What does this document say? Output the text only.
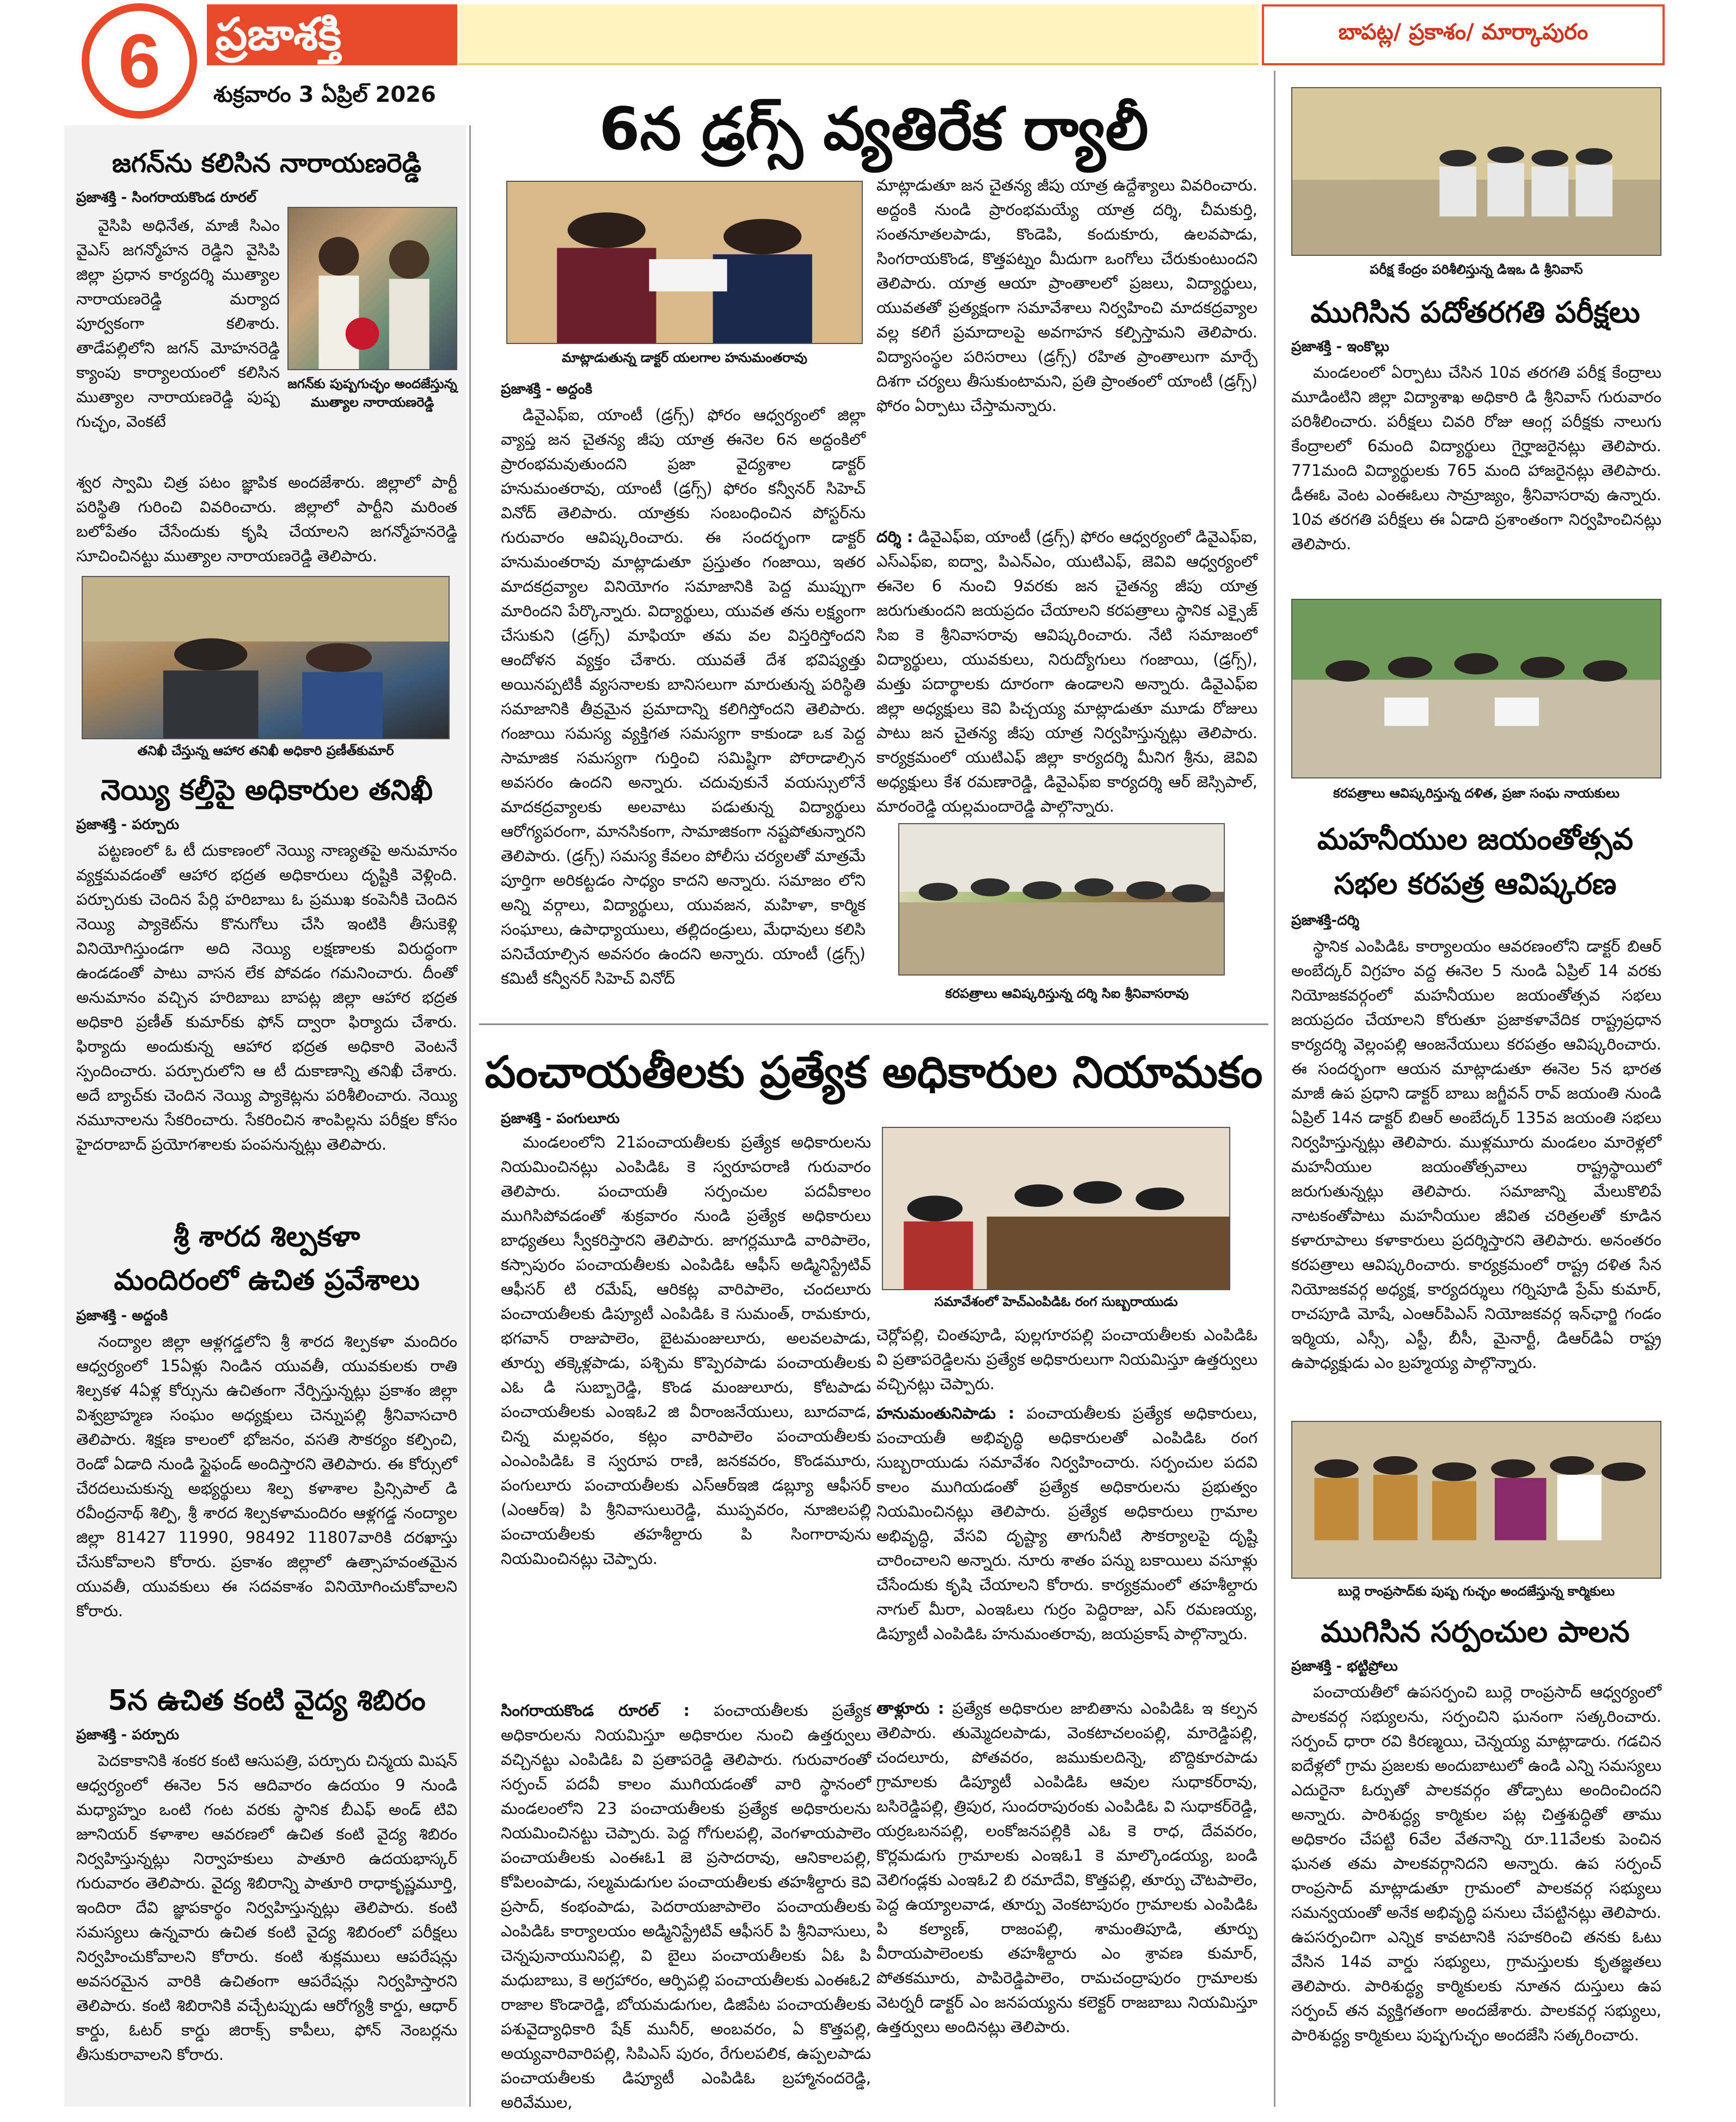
ప్రజాశక్తి
శుక్రవారం 3 ఏప్రిల్ 2026
6	బాపట్ల/ ప్రకాశం/ మార్కాపురం
జగన్‌ను కలిసిన నారాయణరెడ్డి
ప్రజాశక్తి - సింగరాయకొండ రూరల్
జగన్‌కు పుష్పగుచ్ఛం అందజేస్తున్న ముత్యాల నారాయణరెడ్డి

వైసిపి అధినేత, మాజీ సిఎం వైఎస్ జగన్మోహన రెడ్డిని వైసిపి జిల్లా ప్రధాన కార్యదర్శి ముత్యాల నారాయణరెడ్డి మర్యాద పూర్వకంగా కలిశారు. తాడేపల్లిలోని జగన్ మోహనరెడ్డి క్యాంపు కార్యాలయంలో కలిసిన ముత్యాల నారాయణరెడ్డి పుష్ప గుచ్ఛం, వెంకటే

శ్వర స్వామి చిత్ర పటం జ్ఞాపిక అందజేశారు. జిల్లాలో పార్టీ పరిస్థితి గురించి వివరించారు. జిల్లాలో పార్టీని మరింత బలోపేతం చేసేందుకు కృషి చేయాలని జగన్మోహనరెడ్డి సూచించినట్టు ముత్యాల నారాయణరెడ్డి తెలిపారు.

తనిఖీ చేస్తున్న ఆహార తనిఖీ అధికారి ప్రణీత్‌కుమార్
నెయ్యి కల్తీపై అధికారుల తనిఖీ
ప్రజాశక్తి - పర్చూరు

పట్టణంలో ఓ టీ దుకాణంలో నెయ్యి నాణ్యతపై అనుమానం వ్యక్తమవడంతో ఆహార భద్రత అధికారులు దృష్టికి వెళ్లింది. పర్చూరుకు చెందిన పేర్లి హరిబాబు ఓ ప్రముఖ కంపెనీకి చెందిన నెయ్యి ప్యాకెట్‌ను కొనుగోలు చేసి ఇంటికి తీసుకెళ్లి వినియోగిస్తుండగా అది నెయ్యి లక్షణాలకు విరుద్ధంగా ఉండడంతో పాటు వాసన లేక పోవడం గమనించారు. దీంతో అనుమానం వచ్చిన హరిబాబు బాపట్ల జిల్లా ఆహార భద్రత అధికారి ప్రణీత్ కుమార్‌కు ఫోన్ ద్వారా ఫిర్యాదు చేశారు. ఫిర్యాదు అందుకున్న ఆహార భద్రత అధికారి వెంటనే స్పందించారు. పర్చూరులోని ఆ టీ దుకాణాన్ని తనిఖీ చేశారు. అదే బ్యాచ్‌కు చెందిన నెయ్యి ప్యాకెట్లను పరిశీలించారు. నెయ్యి నమూనాలను సేకరించారు. సేకరించిన శాంపిల్లను పరీక్షల కోసం హైదరాబాద్ ప్రయోగశాలకు పంపనున్నట్లు తెలిపారు.

శ్రీ శారద శిల్పకళా
మందిరంలో ఉచిత ప్రవేశాలు
ప్రజాశక్తి - అద్దంకి

నంద్యాల జిల్లా ఆళ్లగడ్డలోని శ్రీ శారద శిల్పకళా మందిరం ఆధ్వర్యంలో 15ఏళ్లు నిండిన యువతీ, యువకులకు రాతి శిల్పకళ 4ఏళ్ల కోర్సును ఉచితంగా నేర్పిస్తున్నట్లు ప్రకాశం జిల్లా విశ్వబ్రాహ్మణ సంఘం అధ్యక్షులు చెన్నుపల్లి శ్రీనివాసచారి తెలిపారు. శిక్షణ కాలంలో భోజనం, వసతి సౌకర్యం కల్పించి, రెండో ఏడాది నుండి స్టైఫండ్ అందిస్తారని తెలిపారు. ఈ కోర్సులో చేరదలుచుకున్న అభ్యర్థులు శిల్ప కళాశాల ప్రిన్సిపాల్ డి రవీంద్రనాథ్ శిల్పి, శ్రీ శారద శిల్పకళామందిరం ఆళ్లగడ్డ నంద్యాల జిల్లా 81427 11990, 98492 11807వారికి దరఖాస్తు చేసుకోవాలని కోరారు. ప్రకాశం జిల్లాలో ఉత్సాహవంతమైన యువతీ, యువకులు ఈ సదవకాశం వినియోగించుకోవాలని కోరారు.

5న ఉచిత కంటి వైద్య శిబిరం
ప్రజాశక్తి - పర్చూరు

పెదకాకానికి శంకర కంటి ఆసుపత్రి, పర్చూరు చిన్మయ మిషన్ ఆధ్వర్యంలో ఈనెల 5న ఆదివారం ఉదయం 9 నుండి మధ్యాహ్నం ఒంటి గంట వరకు స్థానిక బీఎఫ్ అండ్ టివి జూనియర్ కళాశాల ఆవరణలో ఉచిత కంటి వైద్య శిబిరం నిర్వహిస్తున్నట్లు నిర్వాహకులు పాతూరి ఉదయభాస్కర్ గురువారం తెలిపారు. వైద్య శిబిరాన్ని పాతూరి రాధాకృష్ణమూర్తి, ఇందిరా దేవి జ్ఞాపకార్థం నిర్వహిస్తున్నట్లు తెలిపారు. కంటి సమస్యలు ఉన్నవారు ఉచిత కంటి వైద్య శిబిరంలో పరీక్షలు నిర్వహించుకోవాలని కోరారు. కంటి శుక్లములు ఆపరేషన్లు అవసరమైన వారికి ఉచితంగా ఆపరేషన్లు నిర్వహిస్తారని తెలిపారు. కంటి శిబిరానికి వచ్చేటప్పుడు ఆరోగ్యశ్రీ కార్డు, ఆధార్ కార్డు, ఓటర్ కార్డు జిరాక్స్ కాపీలు, ఫోన్ నెంబర్లను తీసుకురావాలని కోరారు.

6న డ్రగ్స్ వ్యతిరేక ర్యాలీ
మాట్లాడుతున్న డాక్టర్ యలగాల హనుమంతరావు
ప్రజాశక్తి - అద్దంకి

డివైఎఫ్ఐ, యాంటీ (డ్రగ్స్) ఫోరం ఆధ్వర్యంలో జిల్లా వ్యాప్త జన చైతన్య జీపు యాత్ర ఈనెల 6న అద్దంకిలో ప్రారంభమవుతుందని ప్రజా వైద్యశాల డాక్టర్ హనుమంతరావు, యాంటీ (డ్రగ్స్) ఫోరం కన్వీనర్ సిహెచ్ వినోద్ తెలిపారు. యాత్రకు సంబంధించిన పోస్టర్‌ను గురువారం ఆవిష్కరించారు. ఈ సందర్భంగా డాక్టర్ హనుమంతరావు మాట్లాడుతూ ప్రస్తుతం గంజాయి, ఇతర మాదకద్రవ్యాల వినియోగం సమాజానికి పెద్ద ముప్పుగా మారిందని పేర్కొన్నారు. విద్యార్థులు, యువత తను లక్ష్యంగా చేసుకుని (డ్రగ్స్) మాఫియా తమ వల విస్తరిస్తోందని ఆందోళన వ్యక్తం చేశారు. యువతే దేశ భవిష్యత్తు అయినప్పటికీ వ్యసనాలకు బానిసలుగా మారుతున్న పరిస్థితి సమాజానికి తీవ్రమైన ప్రమాదాన్ని కలిగిస్తోందని తెలిపారు. గంజాయి సమస్య వ్యక్తిగత సమస్యగా కాకుండా ఒక పెద్ద సామాజిక సమస్యగా గుర్తించి సమిష్టిగా పోరాడాల్సిన అవసరం ఉందని అన్నారు. చదువుకునే వయస్సులోనే మాదకద్రవ్యాలకు అలవాటు పడుతున్న విద్యార్థులు ఆరోగ్యపరంగా, మానసికంగా, సామాజికంగా నష్టపోతున్నారని తెలిపారు. (డ్రగ్స్) సమస్య కేవలం పోలీసు చర్యలతో మాత్రమే పూర్తిగా అరికట్టడం సాధ్యం కాదని అన్నారు. సమాజం లోని అన్ని వర్గాలు, విద్యార్థులు, యువజన, మహిళా, కార్మిక సంఘాలు, ఉపాధ్యాయులు, తల్లిదండ్రులు, మేధావులు కలిసి పనిచేయాల్సిన అవసరం ఉందని అన్నారు. యాంటీ (డ్రగ్స్) కమిటీ కన్వీనర్ సిహెచ్ వినోద్

మాట్లాడుతూ జన చైతన్య జీపు యాత్ర ఉద్దేశ్యాలు వివరించారు. అద్దంకి నుండి ప్రారంభమయ్యే యాత్ర దర్శి, చీమకుర్తి, సంతనూతలపాడు, కొండెపి, కందుకూరు, ఉలవపాడు, సింగరాయకొండ, కొత్తపట్నం మీదుగా ఒంగోలు చేరుకుంటుందని తెలిపారు. యాత్ర ఆయా ప్రాంతాలలో ప్రజలు, విద్యార్థులు, యువతతో ప్రత్యక్షంగా సమావేశాలు నిర్వహించి మాదకద్రవ్యాల వల్ల కలిగే ప్రమాదాలపై అవగాహన కల్పిస్తామని తెలిపారు. విద్యాసంస్థల పరిసరాలు (డ్రగ్స్) రహిత ప్రాంతాలుగా మార్చే దిశగా చర్యలు తీసుకుంటామని, ప్రతి ప్రాంతంలో యాంటీ (డ్రగ్స్) ఫోరం ఏర్పాటు చేస్తామన్నారు.

దర్శి : డివైఎఫ్ఐ, యాంటీ (డ్రగ్స్) ఫోరం ఆధ్వర్యంలో డివైఎఫ్ఐ, ఎస్ఎఫ్ఐ, ఐద్వా, పిఎన్ఎం, యుటిఎఫ్, జెవివి ఆధ్వర్యంలో ఈనెల 6 నుంచి 9వరకు జన చైతన్య జీపు యాత్ర జరుగుతుందని జయప్రదం చేయాలని కరపత్రాలు స్థానిక ఎక్సైజ్ సిఐ కె శ్రీనివాసరావు ఆవిష్కరించారు. నేటి సమాజంలో విద్యార్థులు, యువకులు, నిరుద్యోగులు గంజాయి, (డ్రగ్స్), మత్తు పదార్థాలకు దూరంగా ఉండాలని అన్నారు. డివైఎఫ్ఐ జిల్లా అధ్యక్షులు కెవి పిచ్చయ్య మాట్లాడుతూ మూడు రోజులు పాటు జన చైతన్య జీపు యాత్ర నిర్వహిస్తున్నట్లు తెలిపారు. కార్యక్రమంలో యుటిఎఫ్ జిల్లా కార్యదర్శి మీనిగ శ్రీను, జెవివి అధ్యక్షులు కేశ రమణారెడ్డి, డివైఎఫ్ఐ కార్యదర్శి ఆర్ జెస్సిపాల్, మారంరెడ్డి యల్లమందారెడ్డి పాల్గొన్నారు.

కరపత్రాలు ఆవిష్కరిస్తున్న దర్శి సిఐ శ్రీనివాసరావు
పంచాయతీలకు ప్రత్యేక అధికారుల నియామకం
ప్రజాశక్తి - పంగులూరు

మండలంలోని 21పంచాయతీలకు ప్రత్యేక అధికారులను నియమించినట్లు ఎంపిడిఓ కె స్వరూపరాణి గురువారం తెలిపారు. పంచాయతీ సర్పంచుల పదవీకాలం ముగిసిపోవడంతో శుక్రవారం నుండి ప్రత్యేక అధికారులు బాధ్యతలు స్వీకరిస్తారని తెలిపారు. జాగర్లమూడి వారిపాలెం, కస్సాపురం పంచాయతీలకు ఎంపిడిఓ ఆఫీస్ అడ్మినిస్ట్రేటివ్ ఆఫీసర్ టి రమేష్, ఆరికట్ల వారిపాలెం, చందలూరు పంచాయతీలకు డిప్యూటీ ఎంపిడిఓ కె సుమంత్, రామకూరు, భగవాన్ రాజుపాలెం, బైటమంజులూరు, అలవలపాడు, తూర్పు తక్కెళ్లపాడు, పశ్చిమ కొప్పెరపాడు పంచాయతీలకు ఎఓ డి సుబ్బారెడ్డి, కొండ మంజులూరు, కోటపాడు పంచాయతీలకు ఎంఇఓ2 జి వీరాంజనేయులు, బూదవాడ, చిన్న మల్లవరం, కట్లం వారిపాలెం పంచాయతీలకు ఎంఎంపిడిఓ కె స్వరూప రాణి, జనకవరం, కొండమూరు, పంగులూరు పంచాయతీలకు ఎస్ఆర్ఇజి డబ్ల్యూ ఆఫీసర్ (ఎంఆర్ఇ) పి శ్రీనివాసులురెడ్డి, ముప్పవరం, నూజిలపల్లి పంచాయతీలకు తహశీల్దారు పి సింగారావును నియమించినట్లు చెప్పారు.

సింగరాయకొండ రూరల్ : పంచాయతీలకు ప్రత్యేక అధికారులను నియమిస్తూ అధికారుల నుంచి ఉత్తర్వులు వచ్చినట్టు ఎంపిడిఓ వి ప్రతాపరెడ్డి తెలిపారు. గురువారంతో సర్పంచ్ పదవీ కాలం ముగియడంతో వారి స్థానంలో మండలంలోని 23 పంచాయతీలకు ప్రత్యేక అధికారులను నియమించినట్టు చెప్పారు. పెద్ద గోగులపల్లి, వెంగళాయపాలెం పంచాయతీలకు ఎంఈఓ1 జె ప్రసాదరావు, ఆనికాలపల్లి, కోపిలంపాడు, సల్మమడుగుల పంచాయతీలకు తహశీల్దారు కెవి ప్రసాద్, కంభంపాడు, పెదరాయజాపాలెం పంచాయతీలకు ఎంపిడిఓ కార్యాలయం అడ్మినిస్ట్రేటివ్ ఆఫీసర్ పి శ్రీనివాసులు, చెన్నపునాయునిపల్లి, వి బైలు పంచాయతీలకు ఏఓ పి మధుబాబు, కె అగ్రహారం, ఆర్పిపల్లి పంచాయతీలకు ఎంఈఓ2 రాజాల కొండారెడ్డి, బోయమడుగుల, డిజిపేట పంచాయతీలకు పశువైద్యాధికారి షేక్ మునీర్, అంబవరం, ఏ కొత్తపల్లి, అయ్యవారివారిపల్లి, సిపిఎస్ పురం, రేగులపలిక, ఉప్పలపాడు పంచాయతీలకు డిప్యూటీ ఎంపిడిఓ బ్రహ్మానందరెడ్డి, అరివేముల,

సమావేశంలో హెచ్ఎంపిడిఓ రంగ సుబ్బరాయుడు

చెర్లోపల్లి, చింతపూడి, పుల్లగూరపల్లి పంచాయతీలకు ఎంపిడిఓ వి ప్రతాపరెడ్డిలను ప్రత్యేక అధికారులుగా నియమిస్తూ ఉత్తర్వులు వచ్చినట్లు చెప్పారు.

హనుమంతునిపాడు : పంచాయతీలకు ప్రత్యేక అధికారులు, పంచాయతీ అభివృద్ధి అధికారులతో ఎంపిడిఓ రంగ సుబ్బరాయుడు సమావేశం నిర్వహించారు. సర్పంచుల పదవి కాలం ముగియడంతో ప్రత్యేక అధికారులను ప్రభుత్వం నియమించినట్లు తెలిపారు. ప్రత్యేక అధికారులు గ్రామాల అభివృద్ధి, వేసవి దృష్ట్యా తాగునీటి సౌకర్యాలపై దృష్టి చారించాలని అన్నారు. నూరు శాతం పన్ను బకాయిలు వసూళ్లు చేసేందుకు కృషి చేయాలని కోరారు. కార్యక్రమంలో తహశీల్దారు నాగుల్ మీరా, ఎంఇఓలు గుర్రం పెద్దిరాజు, ఎస్ రమణయ్య, డిప్యూటీ ఎంపిడిఓ హనుమంతరావు, జయప్రకాష్ పాల్గొన్నారు.

తాళ్లూరు : ప్రత్యేక అధికారుల జాబితాను ఎంపిడిఓ ఇ కల్పన తెలిపారు. తుమ్మెదలపాడు, వెంకటాచలంపల్లి, మారెడ్డిపల్లి, చందలూరు, పోతవరం, జముకులదిన్నె, బొద్దికూరపాడు గ్రామాలకు డిప్యూటీ ఎంపిడిఓ ఆవుల సుధాకర్‌రావు, బసిరెడ్డిపల్లి, త్రిపుర, సుందరాపురంకు ఎంపిడిఓ వి సుధాకర్‌రెడ్డి, యర్రఒబనపల్లి, లంకోజనపల్లికి ఎఓ కె రాధ, దేవవరం, కొర్లమడుగు గ్రామాలకు ఎంఇఓ1 కె మాల్కొండయ్య, బండి వెలిగండ్లకు ఎంఇఓ2 బి రమాదేవి, కొత్తపల్లి, తూర్పు చౌటపాలెం, పెద్ద ఉయ్యాలవాడ, తూర్పు వెంకటాపురం గ్రామాలకు ఎంపిడిఓ పి కల్యాణ్, రాజంపల్లి, శామంతిపూడి, తూర్పు వీరాయపాలెంలకు తహశీల్దారు ఎం శ్రావణ కుమార్, పోతకమూరు, పాపిరెడ్డిపాలెం, రామచంద్రాపురం గ్రామాలకు వెటర్నరీ డాక్టర్ ఎం జనపయ్యను కలెక్టర్ రాజబాబు నియమిస్తూ ఉత్తర్వులు అందినట్లు తెలిపారు.

పరీక్ష కేంద్రం పరిశీలిస్తున్న డిఇఒ డి శ్రీనివాస్
ముగిసిన పదోతరగతి పరీక్షలు
ప్రజాశక్తి - ఇంకొల్లు

మండలంలో ఏర్పాటు చేసిన 10వ తరగతి పరీక్ష కేంద్రాలు మూడింటిని జిల్లా విద్యాశాఖ అధికారి డి శ్రీనివాస్ గురువారం పరిశీలించారు. పరీక్షలు చివరి రోజు ఆంగ్ల పరీక్షకు నాలుగు కేంద్రాలలో 6మంది విద్యార్థులు గైర్హాజరైనట్లు తెలిపారు. 771మంది విద్యార్థులకు 765 మంది హాజరైనట్లు తెలిపారు. డీఈఓ వెంట ఎంఈఓలు సామ్రాజ్యం, శ్రీనివాసరావు ఉన్నారు. 10వ తరగతి పరీక్షలు ఈ ఏడాది ప్రశాంతంగా నిర్వహించినట్లు తెలిపారు.

కరపత్రాలు ఆవిష్కరిస్తున్న దళిత, ప్రజా సంఘ నాయకులు
మహనీయుల జయంతోత్సవ
సభల కరపత్ర ఆవిష్కరణ
ప్రజాశక్తి-దర్శి

స్థానిక ఎంపిడిఓ కార్యాలయం ఆవరణంలోని డాక్టర్ బిఆర్ అంబేద్కర్ విగ్రహం వద్ద ఈనెల 5 నుండి ఏప్రిల్ 14 వరకు నియోజకవర్గంలో మహనీయుల జయంతోత్సవ సభలు జయప్రదం చేయాలని కోరుతూ ప్రజాకళావేదిక రాష్ట్రప్రధాన కార్యదర్శి వెల్లంపల్లి ఆంజనేయులు కరపత్రం ఆవిష్కరించారు. ఈ సందర్భంగా ఆయన మాట్లాడుతూ ఈనెల 5న భారత మాజీ ఉప ప్రధాని డాక్టర్ బాబు జగ్జీవన్ రావ్ జయంతి నుండి ఏప్రిల్ 14న డాక్టర్ బిఆర్ అంబేద్కర్ 135వ జయంతి సభలు నిర్వహిస్తున్నట్లు తెలిపారు. ముళ్లమూరు మండలం మారెళ్లలో మహనీయుల జయంతోత్సవాలు రాష్ట్రస్థాయిలో జరుగుతున్నట్లు తెలిపారు. సమాజాన్ని మేలుకొలిపే నాటకంతోపాటు మహనీయుల జీవిత చరిత్రలతో కూడిన కళారూపాలు కళాకారులు ప్రదర్శిస్తారని తెలిపారు. అనంతరం కరపత్రాలు ఆవిష్కరించారు. కార్యక్రమంలో రాష్ట్ర దళిత సేన నియోజకవర్గ అధ్యక్ష, కార్యదర్శులు గర్నిపూడి ప్రేమ్ కుమార్, రాచపూడి మోషే, ఎంఆర్‌పిఎస్ నియోజకవర్గ ఇన్‌ఛార్జి గండం ఇర్మియ, ఎస్సీ, ఎస్టీ, బీసీ, మైనార్టీ, డిఆర్‌డిఏ రాష్ట్ర ఉపాధ్యక్షుడు ఎం బ్రహ్మయ్య పాల్గొన్నారు.

బుర్లె రాంప్రసాద్‌కు పుష్ప గుచ్ఛం అందజేస్తున్న కార్మికులు
ముగిసిన సర్పంచుల పాలన
ప్రజాశక్తి - భట్టిప్రోలు

పంచాయతీలో ఉపసర్పంచి బుర్లె రాంప్రసాద్ ఆధ్వర్యంలో పాలకవర్గ సభ్యులను, సర్పంచిని ఘనంగా సత్కరించారు. సర్పంచ్ ధారా రవి కిరణ్మయి, చెన్నయ్య మాట్లాడారు. గడచిన ఐదేళ్లలో గ్రామ ప్రజలకు అందుబాటులో ఉండి ఎన్ని సమస్యలు ఎదురైనా ఓర్పుతో పాలకవర్గం తోడ్పాటు అందించిందని అన్నారు. పారిశుద్ధ్య కార్మికుల పట్ల చిత్తశుద్ధితో తాము అధికారం చేపట్టి 6వేల వేతనాన్ని రూ.11వేలకు పెంచిన ఘనత తమ పాలకవర్గానిదని అన్నారు. ఉప సర్పంచ్ రాంప్రసాద్ మాట్లాడుతూ గ్రామంలో పాలకవర్గ సభ్యులు సమన్వయంతో అనేక అభివృద్ధి పనులు చేపట్టినట్లు తెలిపారు. ఉపసర్పంచిగా ఎన్నిక కావటానికి సహకరించి తనకు ఓటు వేసిన 14వ వార్డు సభ్యులు, గ్రామస్తులకు కృతజ్ఞతలు తెలిపారు. పారిశుద్ధ్య కార్మికులకు నూతన దుస్తులు ఉప సర్పంచ్ తన వ్యక్తిగతంగా అందజేశారు. పాలకవర్గ సభ్యులు, పారిశుద్ధ్య కార్మికులు పుష్పగుచ్ఛం అందజేసి సత్కరించారు.
